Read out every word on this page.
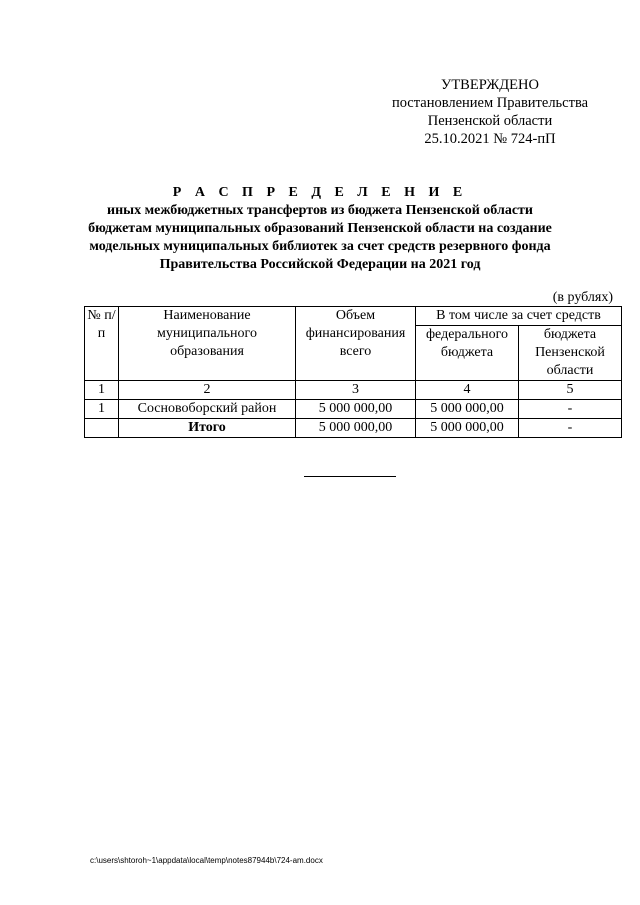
УТВЕРЖДЕНО
постановлением Правительства
Пензенской области
25.10.2021 № 724-пП
Р А С П Р Е Д Е Л Е Н И Е
иных межбюджетных трансфертов из бюджета Пензенской области
бюджетам муниципальных образований Пензенской области на создание
модельных муниципальных библиотек за счет средств резервного фонда
Правительства Российской Федерации на 2021 год
(в рублях)
№ п/п	Наименование муниципального образования	Объем финансирования всего	В том числе за счет средств	
			федерального бюджета	бюджета Пензенской области
1	2	3	4	5
1	Сосновоборский район	5 000 000,00	5 000 000,00	-
	Итого	5 000 000,00	5 000 000,00	-
c:\users\shtoroh~1\appdata\local\temp\notes87944b\724-am.docx
